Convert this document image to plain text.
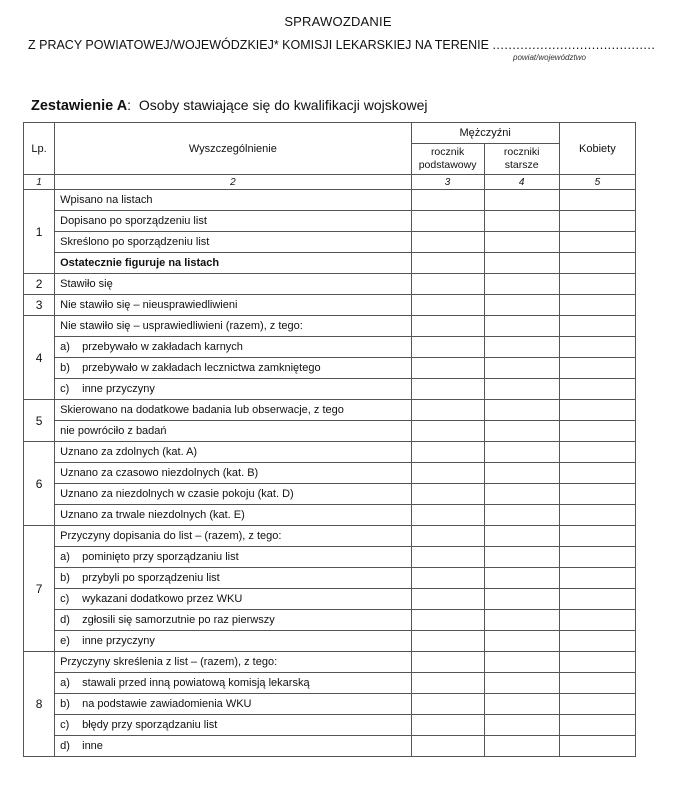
SPRAWOZDANIE
Z PRACY POWIATOWEJ/WOJEWÓDZKIEJ* KOMISJI LEKARSKIEJ NA TERENIE .........................................
powiat/województwo
Zestawienie A:  Osoby stawiające się do kwalifikacji wojskowej
Lp.	Wyszczególnienie	Mężczyźni		Kobiety
		rocznik podstawowy	roczniki starsze	
1	2	3	4	5
1	Wpisano na listach			
	Dopisano po sporządzeniu list			
	Skreślono po sporządzeniu list			
	Ostatecznie figuruje na listach			
2	Stawiło się			
3	Nie stawiło się – nieusprawiedliwieni			
4	Nie stawiło się – usprawiedliwieni (razem), z tego:			
	a) przebywało w zakładach karnych			
	b) przebywało w zakładach lecznictwa zamkniętego			
	c) inne przyczyny			
5	Skierowano na dodatkowe badania lub obserwacje, z tego			
	nie powróciło z badań			
6	Uznano za zdolnych (kat. A)			
	Uznano za czasowo niezdolnych (kat. B)			
	Uznano za niezdolnych w czasie pokoju (kat. D)			
	Uznano za trwale niezdolnych (kat. E)			
7	Przyczyny dopisania do list – (razem), z tego:			
	a) pominięto przy sporządzaniu list			
	b) przybyli po sporządzeniu list			
	c) wykazani dodatkowo przez WKU			
	d) zgłosili się samorzutnie po raz pierwszy			
	e) inne przyczyny			
8	Przyczyny skreślenia z list – (razem), z tego:			
	a) stawali przed inną powiatową komisją lekarską			
	b) na podstawie zawiadomienia WKU			
	c) błędy przy sporządzaniu list			
	d) inne			
